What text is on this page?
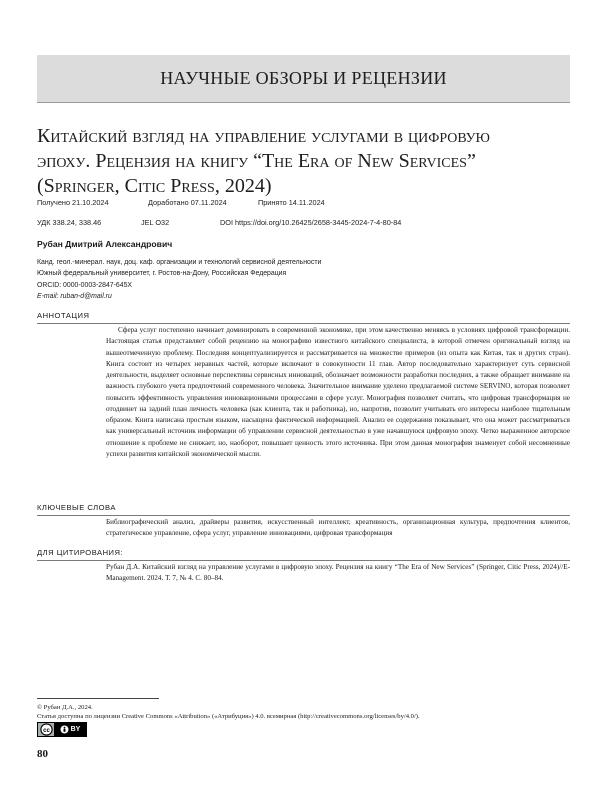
НАУЧНЫЕ ОБЗОРЫ И РЕЦЕНЗИИ
Китайский взгляд на управление услугами в цифровую
эпоху. Рецензия на книгу “The Era of New Services”
(Springer, Citic Press, 2024)
Получено 21.10.2024	Доработано 07.11.2024	Принято 14.11.2024
УДК 338.24, 338.46	JEL O32	DOI https://doi.org/10.26425/2658-3445-2024-7-4-80-84
Рубан Дмитрий Александрович
Канд. геол.-минерал. наук, доц. каф. организации и технологий сервисной деятельности
Южный федеральный университет, г. Ростов-на-Дону, Российская Федерация
ORCID: 0000-0003-2847-645X
E-mail: ruban-d@mail.ru
АННОТАЦИЯ
Сфера услуг постепенно начинает доминировать в современной экономике, при этом качественно меняясь в условиях цифровой трансформации. Настоящая статья представляет собой рецензию на монографию известного китайского специалиста, в которой отмечен оригинальный взгляд на вышеотмеченную проблему. Последняя концептуализируется и рассматривается на множестве примеров (из опыта как Китая, так и других стран). Книга состоит из четырех неравных частей, которые включают в совокупности 11 глав. Автор последовательно характеризует суть сервисной деятельности, выделяет основные перспективы сервисных инноваций, обозначает возможности разработки последних, а также обращает внимание на важность глубокого учета предпочтений современного человека. Значительное внимание уделено предлагаемой системе SERVINO, которая позволяет повысить эффективность управления инновационными процессами в сфере услуг. Монография позволяет считать, что цифровая трансформация не отодвинет на задний план личность человека (как клиента, так и работника), но, напротив, позволит учитывать его интересы наиболее тщательным образом. Книга написана простым языком, насыщена фактической информацией. Анализ ее содержания показывает, что она может рассматриваться как универсальный источник информации об управлении сервисной деятельностью в уже начавшуюся цифровую эпоху. Четко выраженное авторское отношение к проблеме не снижает, но, наоборот, повышает ценность этого источника. При этом данная монография знаменует собой несомненные успехи развития китайской экономической мысли.
КЛЮЧЕВЫЕ СЛОВА
Библиографический анализ, драйверы развития, искусственный интеллект, креативность, организационная культура, предпочтения клиентов, стратегическое управление, сфера услуг, управление инновациями, цифровая трансформация
ДЛЯ ЦИТИРОВАНИЯ:
Рубан Д.А. Китайский взгляд на управление услугами в цифровую эпоху. Рецензия на книгу “The Era of New Services” (Springer, Citic Press, 2024)//E-Management. 2024. Т. 7, № 4. С. 80–84.
© Рубан Д.А., 2024.
Статья доступна по лицензии Creative Commons «Attribution» («Атрибуция») 4.0. всемирная (http://creativecommons.org/licenses/by/4.0/).
cc	BY
80
